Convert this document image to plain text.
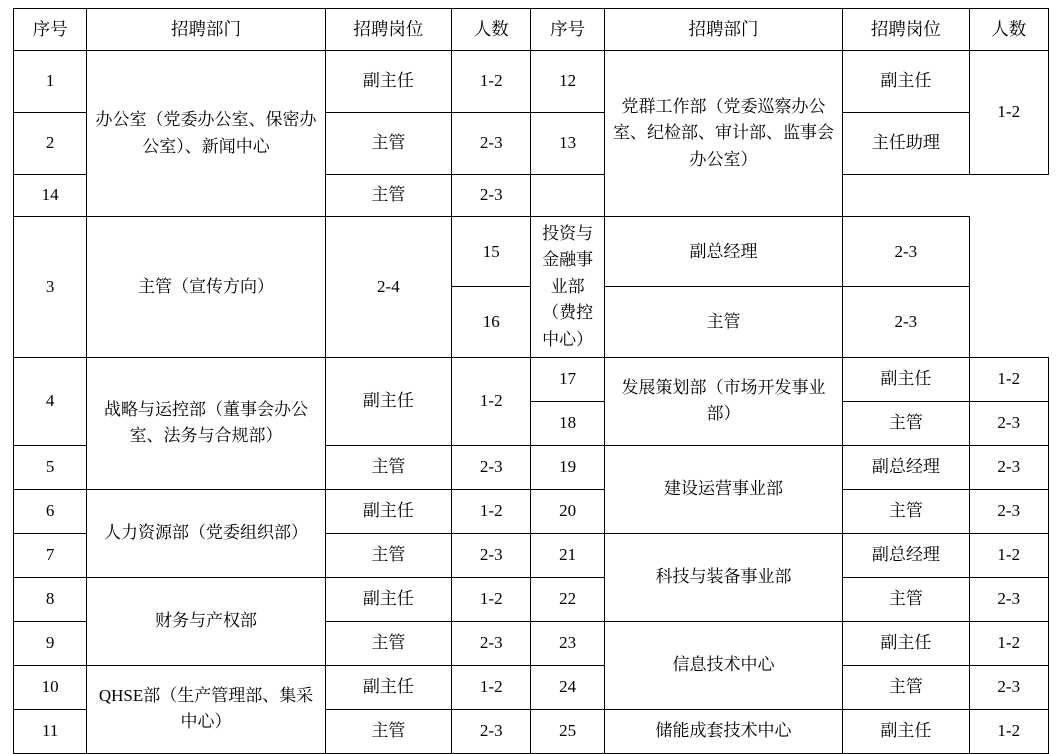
序号	招聘部门	招聘岗位	人数	序号	招聘部门	招聘岗位	人数
1	办公室（党委办公室、保密办公室）、新闻中心	副主任	1-2	12	党群工作部（党委巡察办公室、纪检部、审计部、监事会办公室）	副主任	1-2
2		主管	2-3	13		主任助理	
14		主管	2-3				
3	主管（宣传方向）	2-4	15	投资与金融事业部（费控中心）	副总经理	2-3	
			16		主管	2-3	
4	战略与运控部（董事会办公室、法务与合规部）	副主任	1-2	17	发展策划部（市场开发事业部）	副主任	1-2
				18		主管	2-3
5		主管	2-3	19	建设运营事业部	副总经理	2-3
6	人力资源部（党委组织部）	副主任	1-2	20		主管	2-3
7		主管	2-3	21	科技与装备事业部	副总经理	1-2
8	财务与产权部	副主任	1-2	22		主管	2-3
9		主管	2-3	23	信息技术中心	副主任	1-2
10	QHSE部（生产管理部、集采中心）	副主任	1-2	24		主管	2-3
11		主管	2-3	25	储能成套技术中心	副主任	1-2
